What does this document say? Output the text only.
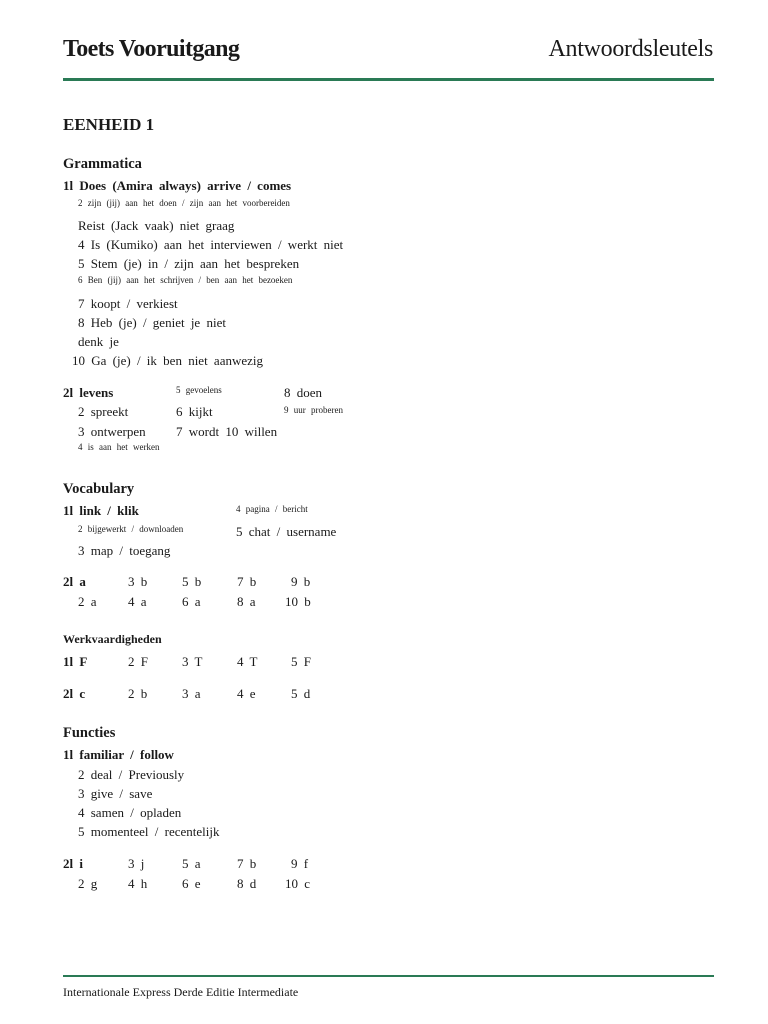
Toets Vooruitgang	Antwoordsleutels
EENHEID 1
Grammatica
1l Does (Amira always) arrive / comes
2 zijn (jij) aan het doen / zijn aan het voorbereiden
Reist (Jack vaak) niet graag
4 Is (Kumiko) aan het interviewen / werkt niet
5 Stem (je) in / zijn aan het bespreken
6 Ben (jij) aan het schrijven / ben aan het bezoeken
7 koopt / verkiest
8 Heb (je) / geniet je niet
denk je
10 Ga (je) / ik ben niet aanwezig
2l levens	5 gevoelens	8 doen
2 spreekt	6 kijkt	9 uur proberen
3 ontwerpen 7 wordt 10 willen
4 is aan het werken
Vocabulary
1l link / klik	4 pagina / bericht
2 bijgewerkt / downloaden	5 chat / username
3 map / toegang
2l a	3 b	5 b	7 b	9 b
2 a 4 a	6 a	8 a 10 b
Werkvaardigheden
1l F	2 F	3 T	4 T	5 F
2l c	2 b	3 a	4 e	5 d
Functies
1l familiar / follow
2 deal / Previously
3 give / save
4 samen / opladen
5 momenteel / recentelijk
2l i	3 j	5 a	7 b	9 f
2 g 4 h	6 e	8 d 10 c
Internationale Express Derde Editie Intermediate
